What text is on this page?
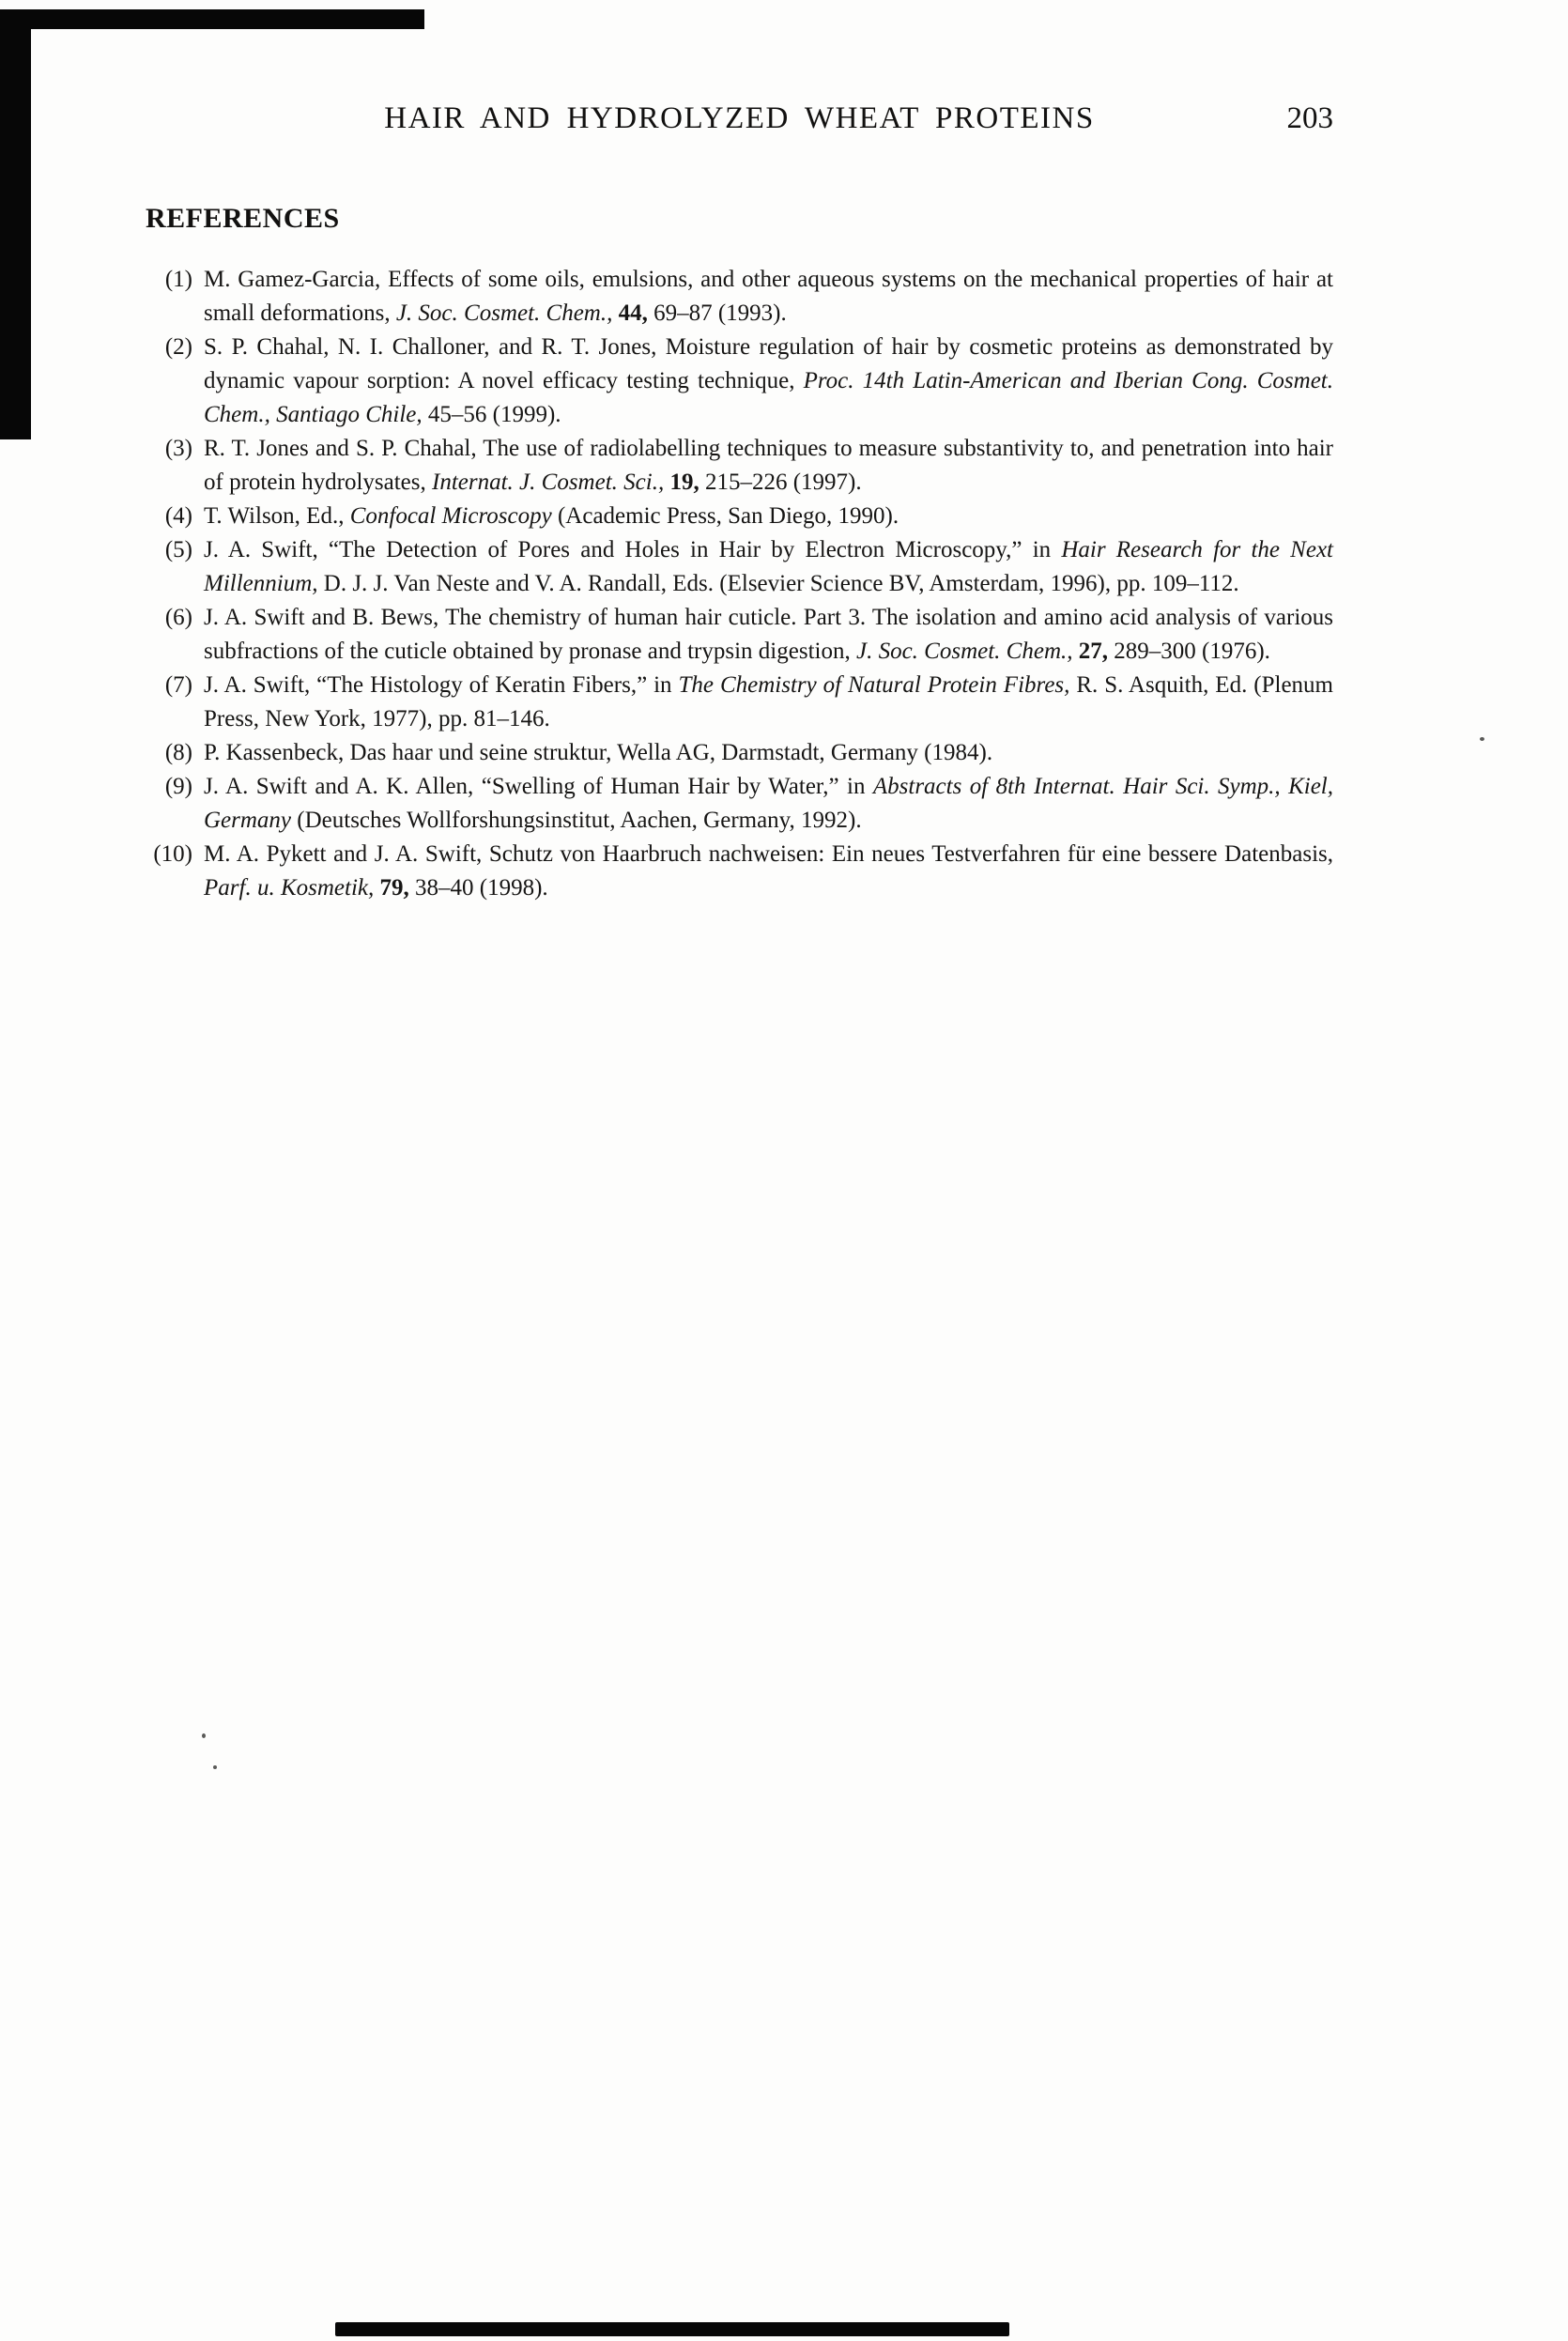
HAIR AND HYDROLYZED WHEAT PROTEINS	203
REFERENCES
(1) M. Gamez-Garcia, Effects of some oils, emulsions, and other aqueous systems on the mechanical properties of hair at small deformations, J. Soc. Cosmet. Chem., 44, 69–87 (1993).
(2) S. P. Chahal, N. I. Challoner, and R. T. Jones, Moisture regulation of hair by cosmetic proteins as demonstrated by dynamic vapour sorption: A novel efficacy testing technique, Proc. 14th Latin-American and Iberian Cong. Cosmet. Chem., Santiago Chile, 45–56 (1999).
(3) R. T. Jones and S. P. Chahal, The use of radiolabelling techniques to measure substantivity to, and penetration into hair of protein hydrolysates, Internat. J. Cosmet. Sci., 19, 215–226 (1997).
(4) T. Wilson, Ed., Confocal Microscopy (Academic Press, San Diego, 1990).
(5) J. A. Swift, “The Detection of Pores and Holes in Hair by Electron Microscopy,” in Hair Research for the Next Millennium, D. J. J. Van Neste and V. A. Randall, Eds. (Elsevier Science BV, Amsterdam, 1996), pp. 109–112.
(6) J. A. Swift and B. Bews, The chemistry of human hair cuticle. Part 3. The isolation and amino acid analysis of various subfractions of the cuticle obtained by pronase and trypsin digestion, J. Soc. Cosmet. Chem., 27, 289–300 (1976).
(7) J. A. Swift, “The Histology of Keratin Fibers,” in The Chemistry of Natural Protein Fibres, R. S. Asquith, Ed. (Plenum Press, New York, 1977), pp. 81–146.
(8) P. Kassenbeck, Das haar und seine struktur, Wella AG, Darmstadt, Germany (1984).
(9) J. A. Swift and A. K. Allen, “Swelling of Human Hair by Water,” in Abstracts of 8th Internat. Hair Sci. Symp., Kiel, Germany (Deutsches Wollforshungsinstitut, Aachen, Germany, 1992).
(10) M. A. Pykett and J. A. Swift, Schutz von Haarbruch nachweisen: Ein neues Testverfahren für eine bessere Datenbasis, Parf. u. Kosmetik, 79, 38–40 (1998).
